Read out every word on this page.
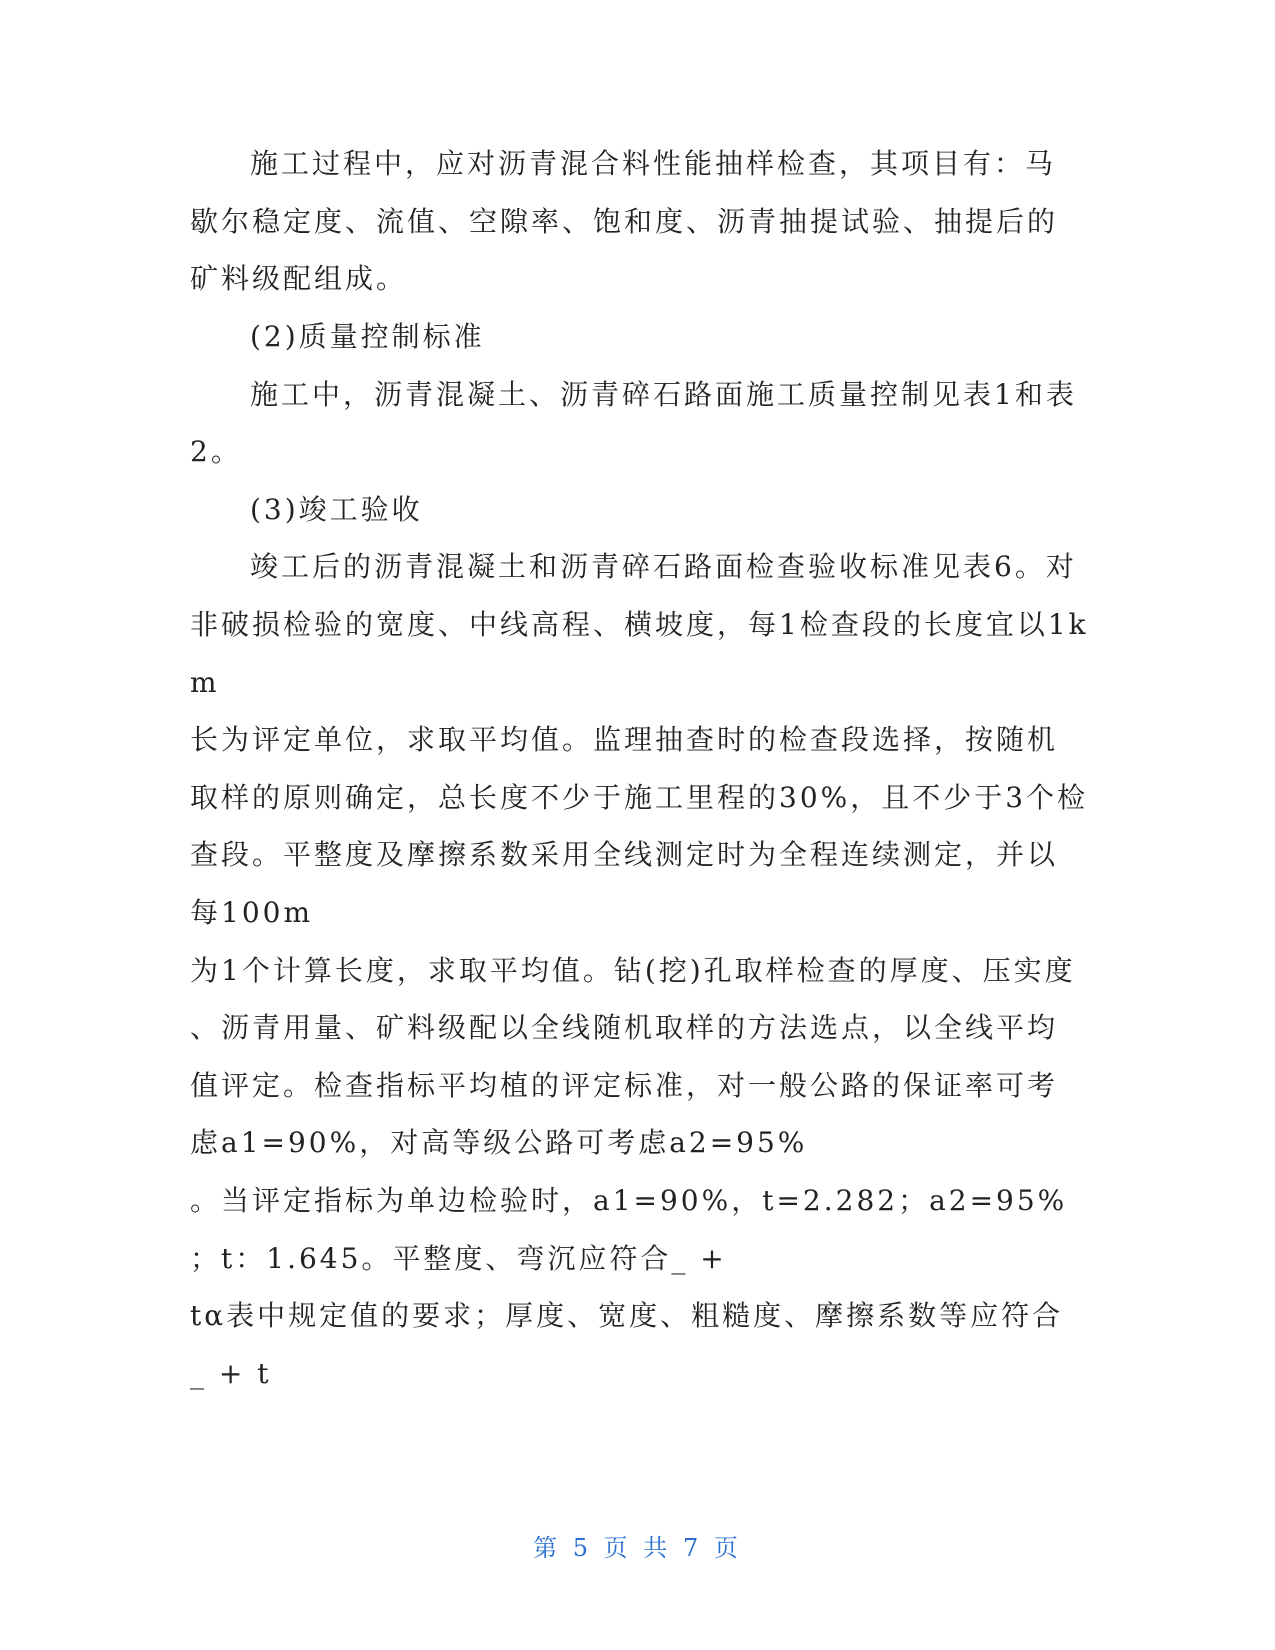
施工过程中，应对沥青混合料性能抽样检查，其项目有：马
歇尔稳定度、流值、空隙率、饱和度、沥青抽提试验、抽提后的
矿料级配组成。
(2)质量控制标准
施工中，沥青混凝土、沥青碎石路面施工质量控制见表1和表
2。
(3)竣工验收
竣工后的沥青混凝土和沥青碎石路面检查验收标准见表6。对
非破损检验的宽度、中线高程、横坡度，每1检查段的长度宜以1k
m
长为评定单位，求取平均值。监理抽查时的检查段选择，按随机
取样的原则确定，总长度不少于施工里程的30%，且不少于3个检
查段。平整度及摩擦系数采用全线测定时为全程连续测定，并以
每100m
为1个计算长度，求取平均值。钻(挖)孔取样检查的厚度、压实度
、沥青用量、矿料级配以全线随机取样的方法选点，以全线平均
值评定。检查指标平均植的评定标准，对一般公路的保证率可考
虑a1=90%，对高等级公路可考虑a2=95%
。当评定指标为单边检验时，a1=90%，t=2.282；a2=95%
；t：1.645。平整度、弯沉应符合_ +
tα表中规定值的要求；厚度、宽度、粗糙度、摩擦系数等应符合
_ + t
第 5 页 共 7 页
